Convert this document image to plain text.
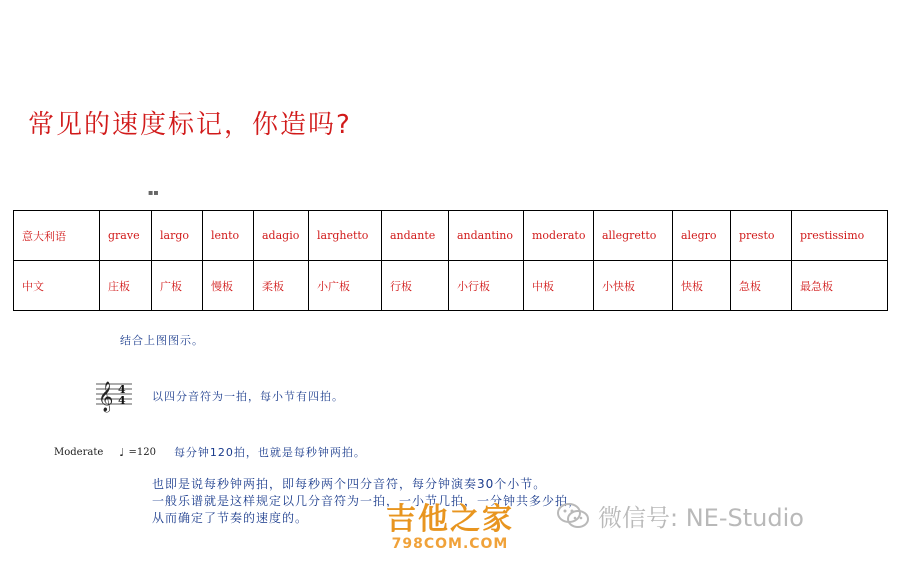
常见的速度标记，你造吗?
▪▪
意大利语	grave	largo	lento	adagio	larghetto	andante	andantino	moderato	allegretto	alegro	presto	prestissimo
中文	庄板	广板	慢板	柔板	小广板	行板	小行板	中板	小快板	快板	急板	最急板
结合上图图示。
𝄞 4
4 以四分音符为一拍，每小节有四拍。
Moderate ♩ =120 每分钟120拍，也就是每秒钟两拍。
也即是说每秒钟两拍，即每秒两个四分音符，每分钟演奏30个小节。
一般乐谱就是这样规定以几分音符为一拍，一小节几拍，一分钟共多少拍，
从而确定了节奏的速度的。	吉他之家
798COM.COM
微信号: NE-Studio
